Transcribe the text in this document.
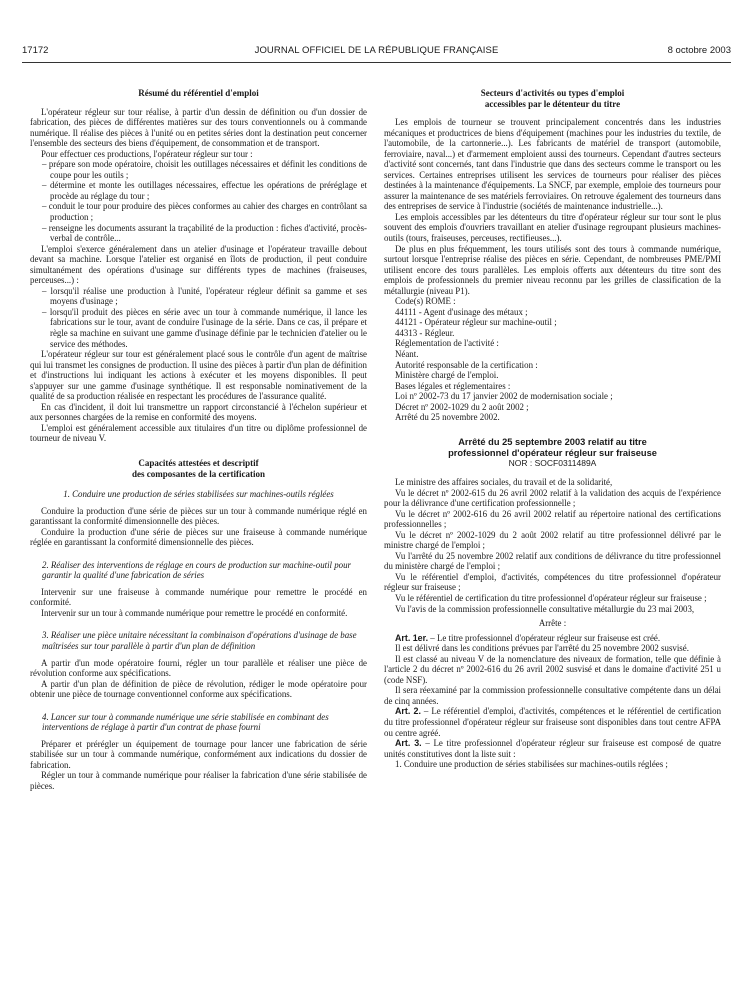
17172	JOURNAL OFFICIEL DE LA RÉPUBLIQUE FRANÇAISE	8 octobre 2003

Résumé du référentiel d'emploi

L'opérateur régleur sur tour réalise, à partir d'un dessin de définition ou d'un dossier de fabrication, des pièces de différentes matières sur des tours conventionnels ou à commande numérique. Il réalise des pièces à l'unité ou en petites séries dont la destination peut concerner l'ensemble des secteurs des biens d'équipement, de consommation et de transport.

Pour effectuer ces productions, l'opérateur régleur sur tour :

– prépare son mode opératoire, choisit les outillages nécessaires et définit les conditions de coupe pour les outils ;

– détermine et monte les outillages nécessaires, effectue les opérations de préréglage et procède au réglage du tour ;

– conduit le tour pour produire des pièces conformes au cahier des charges en contrôlant sa production ;

– renseigne les documents assurant la traçabilité de la production : fiches d'activité, procès-verbal de contrôle...

L'emploi s'exerce généralement dans un atelier d'usinage et l'opérateur travaille debout devant sa machine. Lorsque l'atelier est organisé en îlots de production, il peut conduire simultanément des opérations d'usinage sur différents types de machines (fraiseuses, perceuses...) :

– lorsqu'il réalise une production à l'unité, l'opérateur régleur définit sa gamme et ses moyens d'usinage ;

– lorsqu'il produit des pièces en série avec un tour à commande numérique, il lance les fabrications sur le tour, avant de conduire l'usinage de la série. Dans ce cas, il prépare et règle sa machine en suivant une gamme d'usinage définie par le technicien d'atelier ou le service des méthodes.

L'opérateur régleur sur tour est généralement placé sous le contrôle d'un agent de maîtrise qui lui transmet les consignes de production. Il usine des pièces à partir d'un plan de définition et d'instructions lui indiquant les actions à exécuter et les moyens disponibles. Il peut s'appuyer sur une gamme d'usinage synthétique. Il est responsable nominativement de la qualité de sa production réalisée en respectant les procédures de l'assurance qualité.

En cas d'incident, il doit lui transmettre un rapport circonstancié à l'échelon supérieur et aux personnes chargées de la remise en conformité des moyens.

L'emploi est généralement accessible aux titulaires d'un titre ou diplôme professionnel de tourneur de niveau V.

Capacités attestées et descriptif

des composantes de la certification

1. Conduire une production de séries stabilisées sur machines-outils réglées

Conduire la production d'une série de pièces sur un tour à commande numérique réglé en garantissant la conformité dimensionnelle des pièces.

Conduire la production d'une série de pièces sur une fraiseuse à commande numérique réglée en garantissant la conformité dimensionnelle des pièces.

2. Réaliser des interventions de réglage en cours de production sur machine-outil pour garantir la qualité d'une fabrication de séries

Intervenir sur une fraiseuse à commande numérique pour remettre le procédé en conformité.

Intervenir sur un tour à commande numérique pour remettre le procédé en conformité.

3. Réaliser une pièce unitaire nécessitant la combinaison d'opérations d'usinage de base maîtrisées sur tour parallèle à partir d'un plan de définition

A partir d'un mode opératoire fourni, régler un tour parallèle et réaliser une pièce de révolution conforme aux spécifications.

A partir d'un plan de définition de pièce de révolution, rédiger le mode opératoire pour obtenir une pièce de tournage conventionnel conforme aux spécifications.

4. Lancer sur tour à commande numérique une série stabilisée en combinant des interventions de réglage à partir d'un contrat de phase fourni

Préparer et prérégler un équipement de tournage pour lancer une fabrication de série stabilisée sur un tour à commande numérique, conformément aux indications du dossier de fabrication.

Régler un tour à commande numérique pour réaliser la fabrication d'une série stabilisée de pièces.

Secteurs d'activités ou types d'emploi

accessibles par le détenteur du titre

Les emplois de tourneur se trouvent principalement concentrés dans les industries mécaniques et productrices de biens d'équipement (machines pour les industries du textile, de l'automobile, de la cartonnerie...). Les fabricants de matériel de transport (automobile, ferroviaire, naval...) et d'armement emploient aussi des tourneurs. Cependant d'autres secteurs d'activité sont concernés, tant dans l'industrie que dans des secteurs comme le transport ou les services. Certaines entreprises utilisent les services de tourneurs pour réaliser des pièces destinées à la maintenance d'équipements. La SNCF, par exemple, emploie des tourneurs pour assurer la maintenance de ses matériels ferroviaires. On retrouve également des tourneurs dans des entreprises de service à l'industrie (sociétés de maintenance industrielle...).

Les emplois accessibles par les détenteurs du titre d'opérateur régleur sur tour sont le plus souvent des emplois d'ouvriers travaillant en atelier d'usinage regroupant plusieurs machines-outils (tours, fraiseuses, perceuses, rectifieuses...).

De plus en plus fréquemment, les tours utilisés sont des tours à commande numérique, surtout lorsque l'entreprise réalise des pièces en série. Cependant, de nombreuses PME/PMI utilisent encore des tours parallèles. Les emplois offerts aux détenteurs du titre sont des emplois de professionnels du premier niveau reconnu par les grilles de classification de la métallurgie (niveau P1).

Code(s) ROME :
44111 - Agent d'usinage des métaux ;
44121 - Opérateur régleur sur machine-outil ;
44313 - Régleur.
Réglementation de l'activité :
Néant.
Autorité responsable de la certification :
Ministère chargé de l'emploi.
Bases légales et réglementaires :
Loi nº 2002-73 du 17 janvier 2002 de modernisation sociale ;
Décret nº 2002-1029 du 2 août 2002 ;
Arrêté du 25 novembre 2002.

Arrêté du 25 septembre 2003 relatif au titre

professionnel d'opérateur régleur sur fraiseuse

NOR : SOCF0311489A

Le ministre des affaires sociales, du travail et de la solidarité,

Vu le décret nº 2002-615 du 26 avril 2002 relatif à la validation des acquis de l'expérience pour la délivrance d'une certification professionnelle ;

Vu le décret nº 2002-616 du 26 avril 2002 relatif au répertoire national des certifications professionnelles ;

Vu le décret nº 2002-1029 du 2 août 2002 relatif au titre professionnel délivré par le ministre chargé de l'emploi ;

Vu l'arrêté du 25 novembre 2002 relatif aux conditions de délivrance du titre professionnel du ministère chargé de l'emploi ;

Vu le référentiel d'emploi, d'activités, compétences du titre professionnel d'opérateur régleur sur fraiseuse ;

Vu le référentiel de certification du titre professionnel d'opérateur régleur sur fraiseuse ;

Vu l'avis de la commission professionnelle consultative métallurgie du 23 mai 2003,

Arrête :

Art. 1er. – Le titre professionnel d'opérateur régleur sur fraiseuse est créé.

Il est délivré dans les conditions prévues par l'arrêté du 25 novembre 2002 susvisé.

Il est classé au niveau V de la nomenclature des niveaux de formation, telle que définie à l'article 2 du décret nº 2002-616 du 26 avril 2002 susvisé et dans le domaine d'activité 251 u (code NSF).

Il sera réexaminé par la commission professionnelle consultative compétente dans un délai de cinq années.

Art. 2. – Le référentiel d'emploi, d'activités, compétences et le référentiel de certification du titre professionnel d'opérateur régleur sur fraiseuse sont disponibles dans tout centre AFPA ou centre agréé.

Art. 3. – Le titre professionnel d'opérateur régleur sur fraiseuse est composé de quatre unités constitutives dont la liste suit :

1. Conduire une production de séries stabilisées sur machines-outils réglées ;
